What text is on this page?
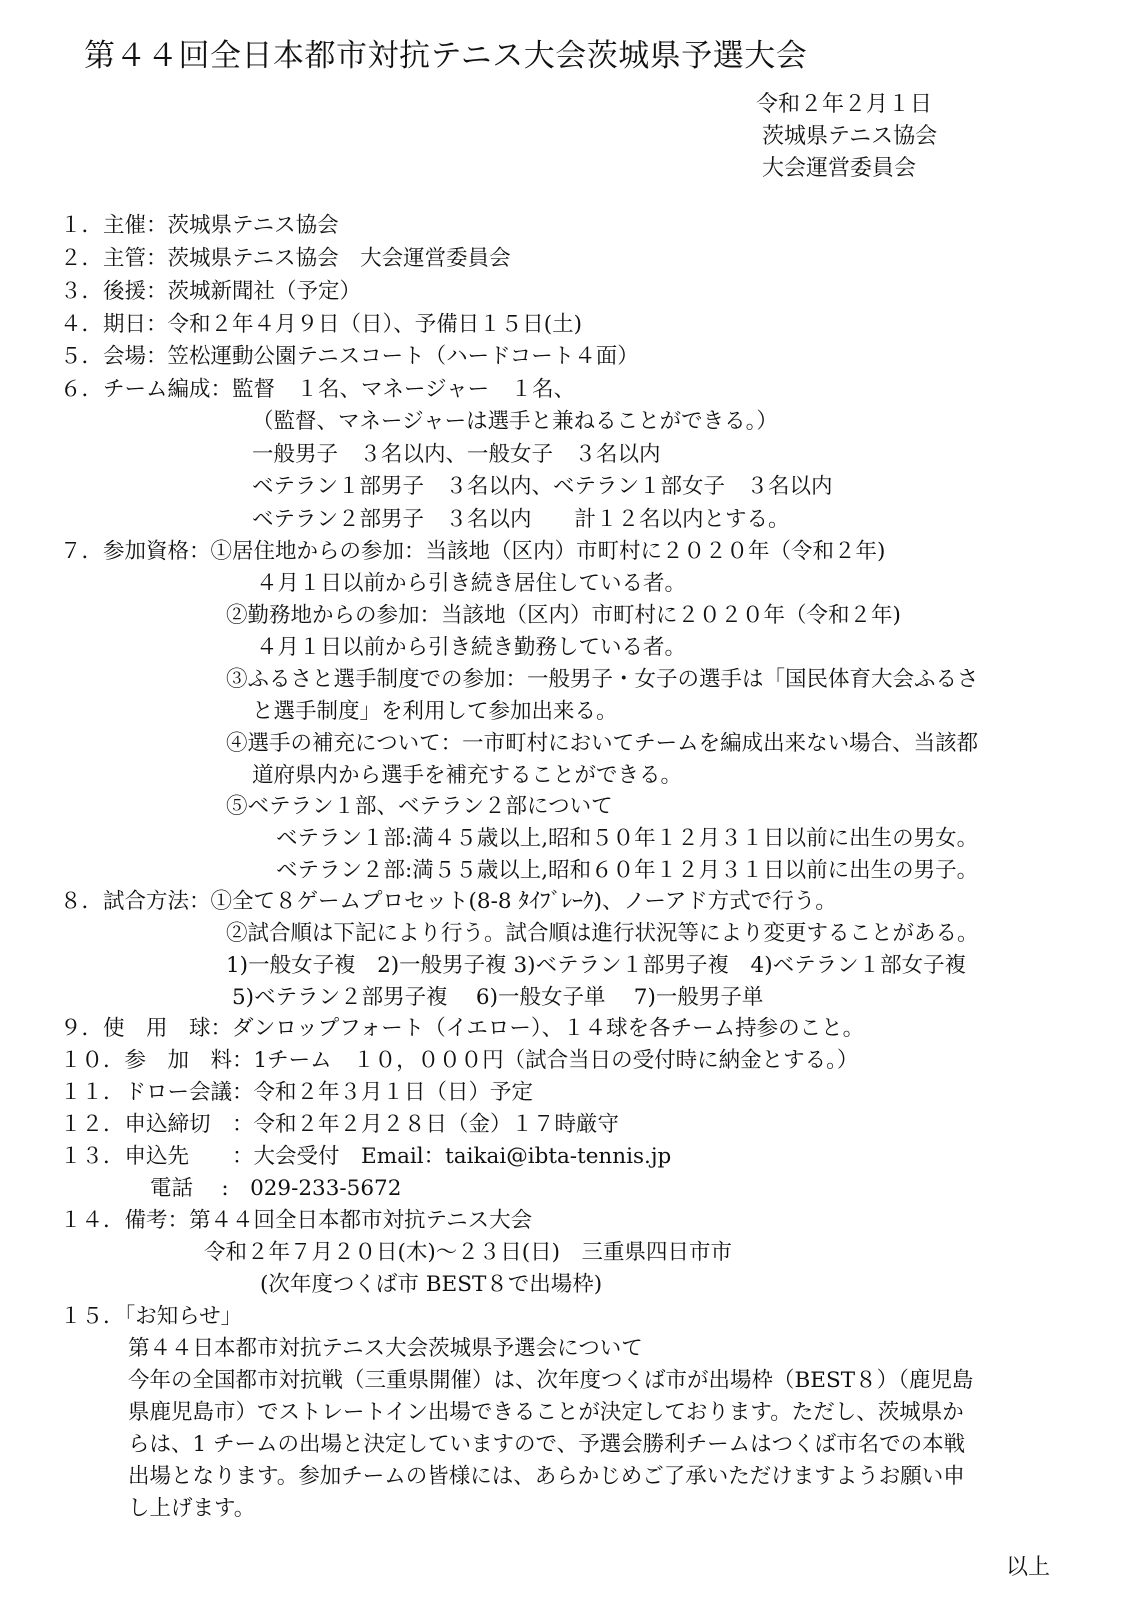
第４４回全日本都市対抗テニス大会茨城県予選大会
令和２年２月１日
茨城県テニス協会
大会運営委員会
１．主催：茨城県テニス協会
２．主管：茨城県テニス協会　大会運営委員会
３．後援：茨城新聞社（予定）
４．期日：令和２年４月９日（日）、予備日１５日(土)
５．会場：笠松運動公園テニスコート（ハードコート４面）
６．チーム編成：監督　１名、マネージャー　１名、
（監督、マネージャーは選手と兼ねることができる。）
一般男子　３名以内、一般女子　３名以内
ベテラン１部男子　３名以内、ベテラン１部女子　３名以内
ベテラン２部男子　３名以内　　計１２名以内とする。
７．参加資格：①居住地からの参加：当該地（区内）市町村に２０２０年（令和２年)
４月１日以前から引き続き居住している者。
②勤務地からの参加：当該地（区内）市町村に２０２０年（令和２年)
４月１日以前から引き続き勤務している者。
③ふるさと選手制度での参加：一般男子・女子の選手は「国民体育大会ふるさ
と選手制度」を利用して参加出来る。
④選手の補充について：一市町村においてチームを編成出来ない場合、当該都
道府県内から選手を補充することができる。
⑤ベテラン１部、ベテラン２部について
ベテラン１部:満４５歳以上,昭和５０年１２月３１日以前に出生の男女。
ベテラン２部:満５５歳以上,昭和６０年１２月３１日以前に出生の男子。
８．試合方法：①全て８ゲームプロセット(8-8 ﾀｲﾌﾞﾚｰｸ)、ノーアド方式で行う。
②試合順は下記により行う。試合順は進行状況等により変更することがある。
1)一般女子複　2)一般男子複 3)ベテラン１部男子複　4)ベテラン１部女子複
5)ベテラン２部男子複　 6)一般女子単　 7)一般男子単
９．使　用　球：ダンロップフォート（イエロー）、１４球を各チーム持参のこと。
１０．参　加　料：1チーム　１０，０００円（試合当日の受付時に納金とする。）
１１．ドロー会議：令和２年３月１日（日）予定
１２．申込締切　：令和２年２月２８日（金）１７時厳守
１３．申込先　　：大会受付　Email：taikai@ibta-tennis.jp
電話　 :　029-233-5672
１４．備考：第４４回全日本都市対抗テニス大会
令和２年７月２０日(木)～２３日(日)　三重県四日市市
(次年度つくば市 BEST８で出場枠)
１５．「お知らせ」
第４４日本都市対抗テニス大会茨城県予選会について
今年の全国都市対抗戦（三重県開催）は、次年度つくば市が出場枠（BEST８）（鹿児島
県鹿児島市）でストレートイン出場できることが決定しております。ただし、茨城県か
らは、1 チームの出場と決定していますので、予選会勝利チームはつくば市名での本戦
出場となります。参加チームの皆様には、あらかじめご了承いただけますようお願い申
し上げます。
以上
